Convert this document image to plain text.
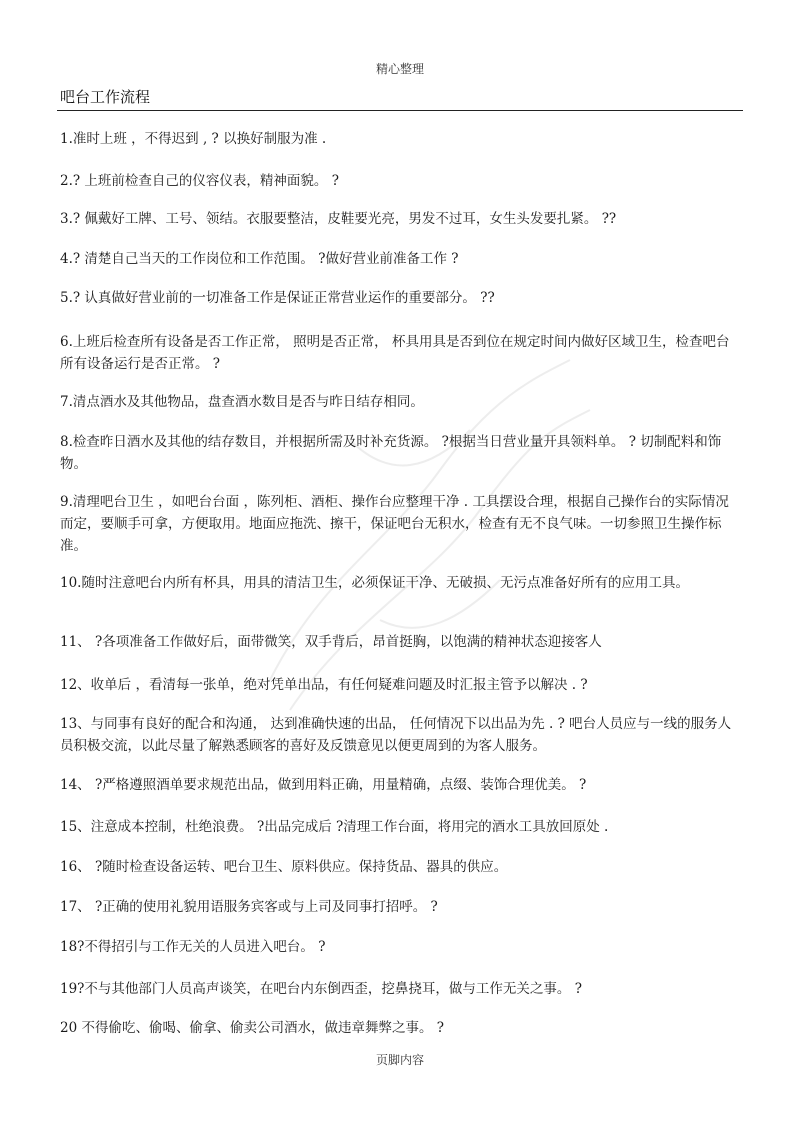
精心整理
吧台工作流程
1.准时上班 ，不得迟到 , ? 以换好制服为准 .
2.? 上班前检查自己的仪容仪表，精神面貌。 ?
3.? 佩戴好工牌、工号、领结。衣服要整洁，皮鞋要光亮，男发不过耳，女生头发要扎紧。 ??
4.? 清楚自己当天的工作岗位和工作范围。 ?做好营业前准备工作 ?
5.? 认真做好营业前的一切准备工作是保证正常营业运作的重要部分。 ??
6.上班后检查所有设备是否工作正常， 照明是否正常， 杯具用具是否到位在规定时间内做好区域卫生，检查吧台所有设备运行是否正常。 ?
7.清点酒水及其他物品，盘查酒水数目是否与昨日结存相同。
8.检查昨日酒水及其他的结存数目，并根据所需及时补充货源。 ?根据当日营业量开具领料单。 ? 切制配料和饰物。
9.清理吧台卫生 ，如吧台台面 ，陈列柜、酒柜、操作台应整理干净 . 工具摆设合理，根据自己操作台的实际情况而定，要顺手可拿，方便取用。地面应拖洗、擦干，保证吧台无积水，检查有无不良气味。一切参照卫生操作标准。
10.随时注意吧台内所有杯具，用具的清洁卫生，必须保证干净、无破损、无污点准备好所有的应用工具。
11、 ?各项准备工作做好后，面带微笑，双手背后，昂首挺胸，以饱满的精神状态迎接客人
12、收单后 ，看清每一张单，绝对凭单出品，有任何疑难问题及时汇报主管予以解决 . ?
13、与同事有良好的配合和沟通， 达到准确快速的出品， 任何情况下以出品为先 . ? 吧台人员应与一线的服务人员积极交流，以此尽量了解熟悉顾客的喜好及反馈意见以便更周到的为客人服务。
14、 ?严格遵照酒单要求规范出品，做到用料正确，用量精确，点缀、装饰合理优美。 ?
15、注意成本控制，杜绝浪费。 ?出品完成后 ?清理工作台面，将用完的酒水工具放回原处 .
16、 ?随时检查设备运转、吧台卫生、原料供应。保持货品、器具的供应。
17、 ?正确的使用礼貌用语服务宾客或与上司及同事打招呼。 ?
18?不得招引与工作无关的人员进入吧台。 ?
19?不与其他部门人员高声谈笑，在吧台内东倒西歪，挖鼻挠耳，做与工作无关之事。 ?
20 不得偷吃、偷喝、偷拿、偷卖公司酒水，做违章舞弊之事。 ?
页脚内容
